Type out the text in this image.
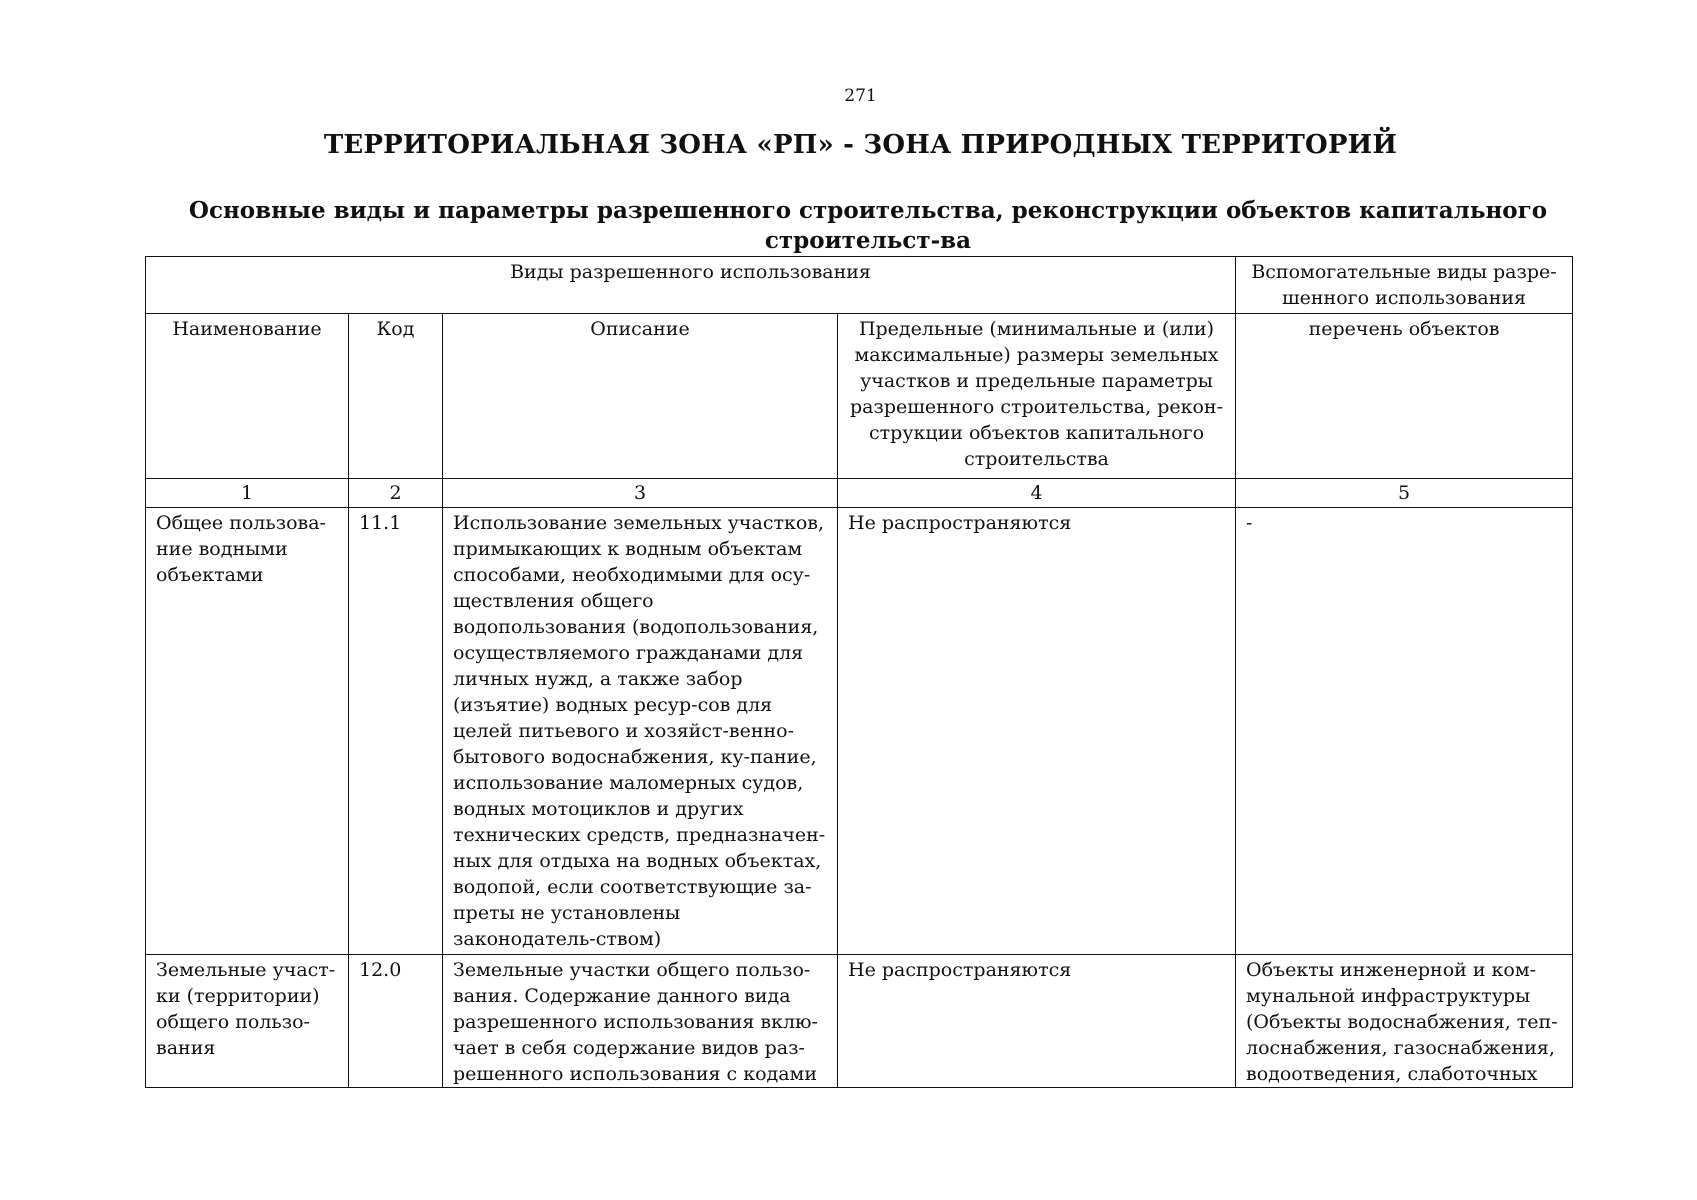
271
ТЕРРИТОРИАЛЬНАЯ ЗОНА «РП» - ЗОНА ПРИРОДНЫХ ТЕРРИТОРИЙ
Основные виды и параметры разрешенного строительства, реконструкции объектов капитального строительст-ва
Виды разрешенного использования				Вспомогательные виды разре-шенного использования
Наименование	Код	Описание	Предельные (минимальные и (или) максимальные) размеры земельных участков и предельные параметры разрешенного строительства, рекон-струкции объектов капитального строительства	перечень объектов
1	2	3	4	5
Общее пользова-ние водными объектами	11.1	Использование земельных участков, примыкающих к водным объектам способами, необходимыми для осу-ществления общего водопользования (водопользования, осуществляемого гражданами для личных нужд, а также забор (изъятие) водных ресур-сов для целей питьевого и хозяйст-венно-бытового водоснабжения, ку-пание, использование маломерных судов, водных мотоциклов и других технических средств, предназначен-ных для отдыха на водных объектах, водопой, если соответствующие за-преты не установлены законодатель-ством)	Не распространяются	-

Земельные участ-ки (территории) общего пользо-вания	12.0	Земельные участки общего пользо-вания. Содержание данного вида разрешенного использования вклю-чает в себя содержание видов раз-решенного использования с кодами	Не распространяются	Объекты инженерной и ком-мунальной инфраструктуры (Объекты водоснабжения, теп-лоснабжения, газоснабжения, водоотведения, слаботочных
